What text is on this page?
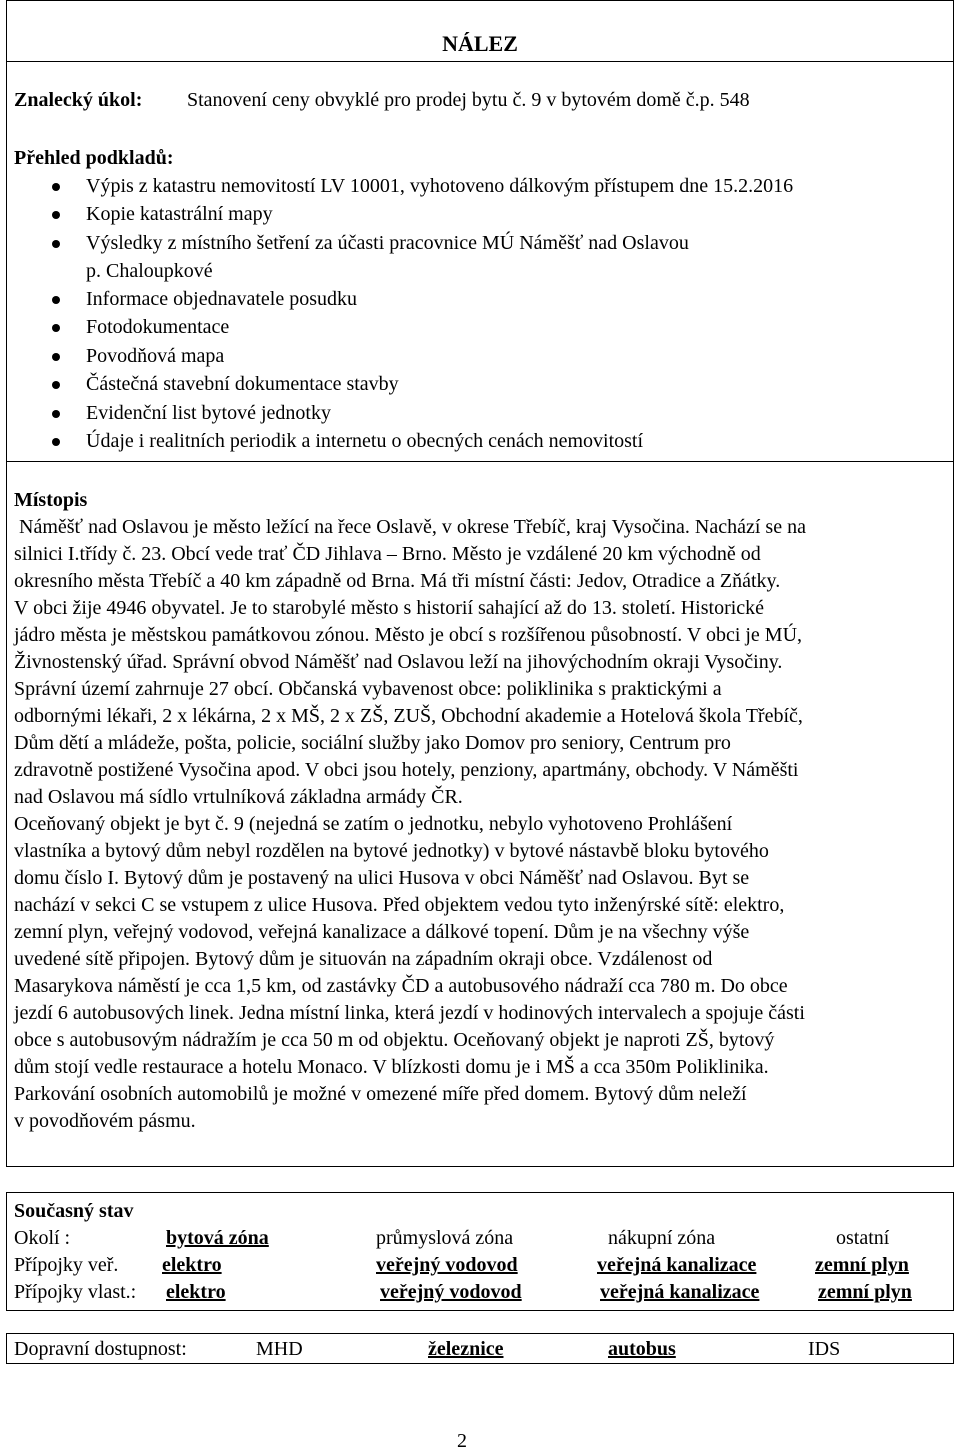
NÁLEZ
Znalecký úkol: Stanovení ceny obvyklé pro prodej bytu č. 9 v bytovém domě č.p. 548
Přehled podkladů:
Výpis z katastru nemovitostí LV 10001, vyhotoveno dálkovým přístupem dne 15.2.2016
Kopie katastrální mapy
Výsledky z místního šetření za účasti pracovnice MÚ Náměšť nad Oslavou
p. Chaloupkové
Informace objednavatele posudku
Fotodokumentace
Povodňová mapa
Částečná stavební dokumentace stavby
Evidenční list bytové jednotky
Údaje i realitních periodik a internetu o obecných cenách nemovitostí
Místopis

Náměšť nad Oslavou je město ležící na řece Oslavě, v okrese Třebíč, kraj Vysočina. Nachází se na

silnici I.třídy č. 23. Obcí vede trať ČD Jihlava – Brno. Město je vzdálené 20 km východně od

okresního města Třebíč a 40 km západně od Brna. Má tři místní části: Jedov, Otradice a Zňátky.

V obci žije 4946 obyvatel. Je to starobylé město s historií sahající až do 13. století. Historické

jádro města je městskou památkovou zónou. Město je obcí s rozšířenou působností. V obci je MÚ,

Živnostenský úřad. Správní obvod Náměšť nad Oslavou leží na jihovýchodním okraji Vysočiny.

Správní území zahrnuje 27 obcí. Občanská vybavenost obce: poliklinika s praktickými a

odbornými lékaři, 2 x lékárna, 2 x MŠ, 2 x ZŠ, ZUŠ, Obchodní akademie a Hotelová škola Třebíč,

Dům dětí a mládeže, pošta, policie, sociální služby jako Domov pro seniory, Centrum pro

zdravotně postižené Vysočina apod. V obci jsou hotely, penziony, apartmány, obchody. V Náměšti

nad Oslavou má sídlo vrtulníková základna armády ČR.

Oceňovaný objekt je byt č. 9 (nejedná se zatím o jednotku, nebylo vyhotoveno Prohlášení

vlastníka a bytový dům nebyl rozdělen na bytové jednotky) v bytové nástavbě bloku bytového

domu číslo I. Bytový dům je postavený na ulici Husova v obci Náměšť nad Oslavou. Byt se

nachází v sekci C se vstupem z ulice Husova. Před objektem vedou tyto inženýrské sítě: elektro,

zemní plyn, veřejný vodovod, veřejná kanalizace a dálkové topení. Dům je na všechny výše

uvedené sítě připojen. Bytový dům je situován na západním okraji obce. Vzdálenost od

Masarykova náměstí je cca 1,5 km, od zastávky ČD a autobusového nádraží cca 780 m. Do obce

jezdí 6 autobusových linek. Jedna místní linka, která jezdí v hodinových intervalech a spojuje části

obce s autobusovým nádražím je cca 50 m od objektu. Oceňovaný objekt je naproti ZŠ, bytový

dům stojí vedle restaurace a hotelu Monaco. V blízkosti domu je i MŠ a cca 350m Poliklinika.

Parkování osobních automobilů je možné v omezené míře před domem. Bytový dům neleží

v povodňovém pásmu.

Současný stav
Okolí :	bytová zóna	průmyslová zóna	nákupní zóna	ostatní
Přípojky veř. elektro	veřejný vodovod	veřejná kanalizace	zemní plyn
Přípojky vlast.: elektro	veřejný vodovod	veřejná kanalizace	zemní plyn
Dopravní dostupnost:	MHD	železnice	autobus	IDS
2
